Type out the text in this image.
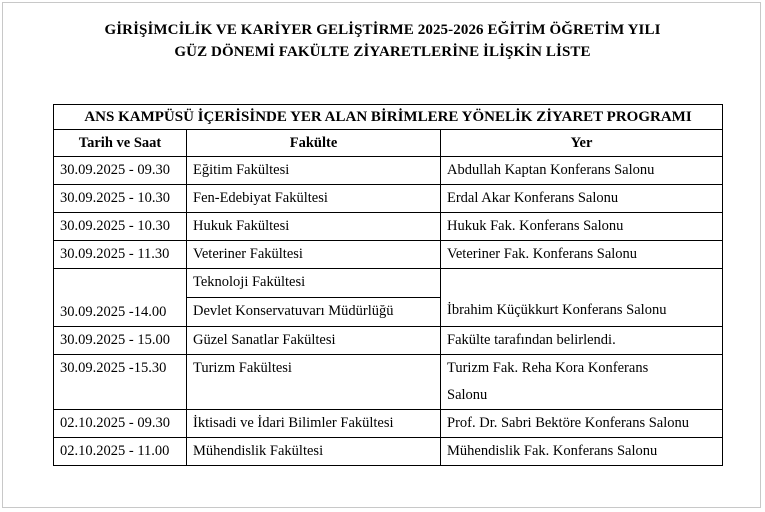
GİRİŞİMCİLİK VE KARİYER GELİŞTİRME 2025-2026 EĞİTİM ÖĞRETİM YILI
GÜZ DÖNEMİ FAKÜLTE ZİYARETLERİNE İLİŞKİN LİSTE
ANS KAMPÜSÜ İÇERİSİNDE YER ALAN BİRİMLERE YÖNELİK ZİYARET PROGRAMI		
Tarih ve Saat	Fakülte	Yer
30.09.2025 - 09.30	Eğitim Fakültesi	Abdullah Kaptan Konferans Salonu
30.09.2025 - 10.30	Fen-Edebiyat Fakültesi	Erdal Akar Konferans Salonu
30.09.2025 - 10.30	Hukuk Fakültesi	Hukuk Fak. Konferans Salonu
30.09.2025 - 11.30	Veteriner Fakültesi	Veteriner Fak. Konferans Salonu
30.09.2025 -14.00	Teknoloji Fakültesi	İbrahim Küçükkurt Konferans Salonu
	Devlet Konservatuvarı Müdürlüğü	
30.09.2025 - 15.00	Güzel Sanatlar Fakültesi	Fakülte tarafından belirlendi.
30.09.2025 -15.30	Turizm Fakültesi	Turizm Fak. Reha Kora Konferans
Salonu

02.10.2025 - 09.30	İktisadi ve İdari Bilimler Fakültesi	Prof. Dr. Sabri Bektöre Konferans Salonu
02.10.2025 - 11.00	Mühendislik Fakültesi	Mühendislik Fak. Konferans Salonu
